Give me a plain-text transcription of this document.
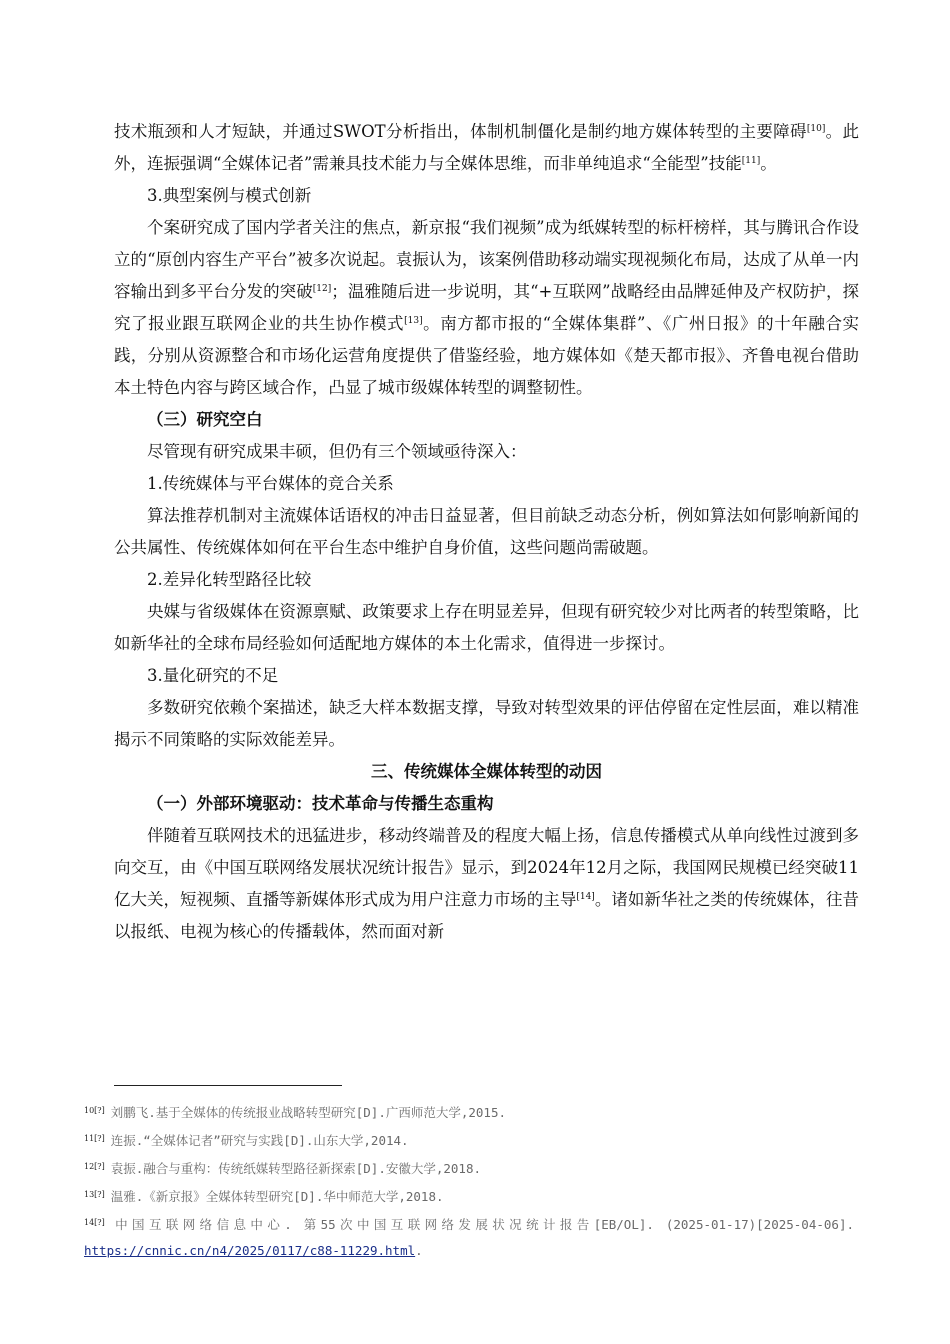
技术瓶颈和人才短缺，并通过SWOT分析指出，体制机制僵化是制约地方媒体转型的主要障碍[10]。此外，连振强调“全媒体记者”需兼具技术能力与全媒体思维，而非单纯追求“全能型”技能[11]。

3.典型案例与模式创新

个案研究成了国内学者关注的焦点，新京报“我们视频”成为纸媒转型的标杆榜样，其与腾讯合作设立的“原创内容生产平台”被多次说起。袁振认为，该案例借助移动端实现视频化布局，达成了从单一内容输出到多平台分发的突破[12]；温雅随后进一步说明，其“+互联网”战略经由品牌延伸及产权防护，探究了报业跟互联网企业的共生协作模式[13]。南方都市报的“全媒体集群”、《广州日报》的十年融合实践，分别从资源整合和市场化运营角度提供了借鉴经验，地方媒体如《楚天都市报》、齐鲁电视台借助本土特色内容与跨区域合作，凸显了城市级媒体转型的调整韧性。

（三）研究空白

尽管现有研究成果丰硕，但仍有三个领域亟待深入：

1.传统媒体与平台媒体的竞合关系

算法推荐机制对主流媒体话语权的冲击日益显著，但目前缺乏动态分析，例如算法如何影响新闻的公共属性、传统媒体如何在平台生态中维护自身价值，这些问题尚需破题。

2.差异化转型路径比较

央媒与省级媒体在资源禀赋、政策要求上存在明显差异，但现有研究较少对比两者的转型策略，比如新华社的全球布局经验如何适配地方媒体的本土化需求，值得进一步探讨。

3.量化研究的不足

多数研究依赖个案描述，缺乏大样本数据支撑，导致对转型效果的评估停留在定性层面，难以精准揭示不同策略的实际效能差异。

三、传统媒体全媒体转型的动因

（一）外部环境驱动：技术革命与传播生态重构

伴随着互联网技术的迅猛进步，移动终端普及的程度大幅上扬，信息传播模式从单向线性过渡到多向交互，由《中国互联网络发展状况统计报告》显示，到2024年12月之际，我国网民规模已经突破11亿大关，短视频、直播等新媒体形式成为用户注意力市场的主导[14]。诸如新华社之类的传统媒体，往昔以报纸、电视为核心的传播载体，然而面对新

$^{10[?]}$ 刘鹏飞.基于全媒体的传统报业战略转型研究[D].广西师范大学,2015.

$^{11[?]}$ 连振.“全媒体记者”研究与实践[D].山东大学,2014.

$^{12[?]}$ 袁振.融合与重构：传统纸媒转型路径新探索[D].安徽大学,2018.

$^{13[?]}$ 温雅.《新京报》全媒体转型研究[D].华中师范大学,2018.

$^{14[?]}$ 中国互联网络信息中心. 第55次中国互联网络发展状况统计报告[EB/OL]. (2025-01-17)[2025-04-06]. https://cnnic.cn/n4/2025/0117/c88-11229.html.
